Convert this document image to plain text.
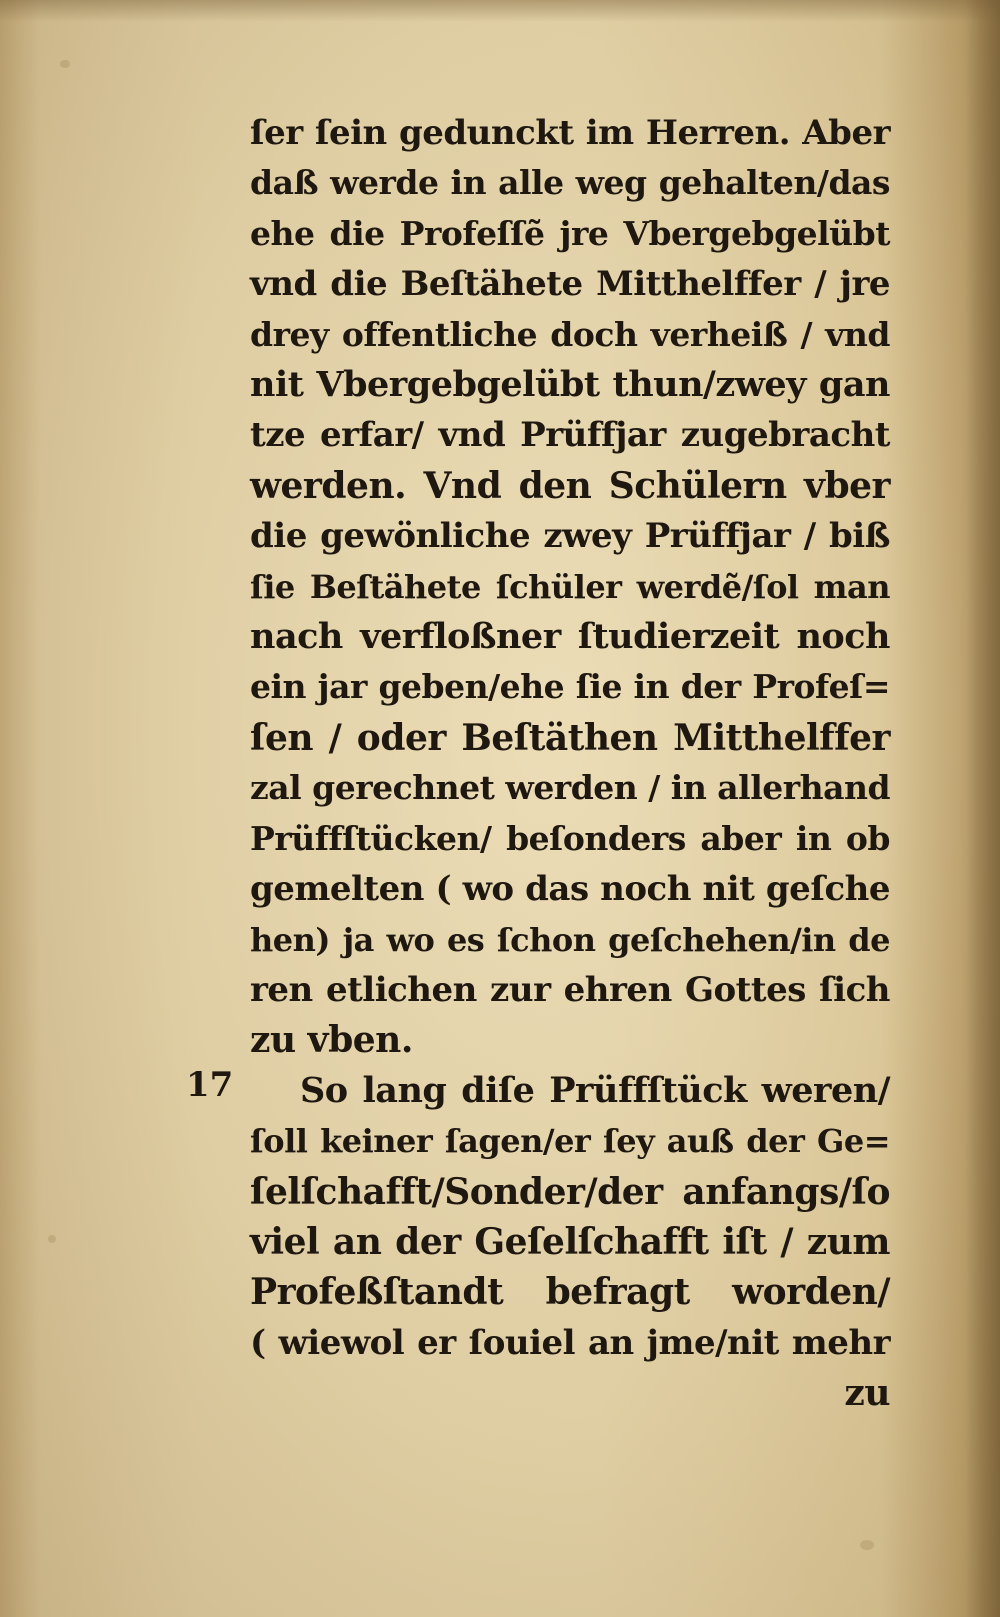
17
ſer ſein gedunckt im Herren. Aber
daß werde in alle weg gehalten/das
ehe die Profeſſẽ jre Vbergebgelübt
vnd die Beſtähete Mitthelffer / jre
drey offentliche doch verheiß / vnd
nit Vbergebgelübt thun/zwey gan
tze erfar/ vnd Prüffjar zugebracht
werden. Vnd den Schülern vber
die gewönliche zwey Prüffjar / biß
ſie Beſtähete ſchüler werdẽ/ſol man
nach verfloßner ſtudierzeit noch
ein jar geben/ehe ſie in der Profeſ=
ſen / oder Beſtäthen Mitthelffer
zal gerechnet werden / in allerhand
Prüffſtücken/ beſonders aber in ob
gemelten ( wo das noch nit geſche
hen) ja wo es ſchon geſchehen/in de
ren etlichen zur ehren Gottes ſich
zu vben.
So lang diſe Prüffſtück weren/
ſoll keiner ſagen/er ſey auß der Ge=
ſelſchafft/Sonder/der anfangs/ſo
viel an der Geſelſchafft iſt / zum
Profeßſtandt befragt worden/
( wiewol er ſouiel an jme/nit mehr
zu
